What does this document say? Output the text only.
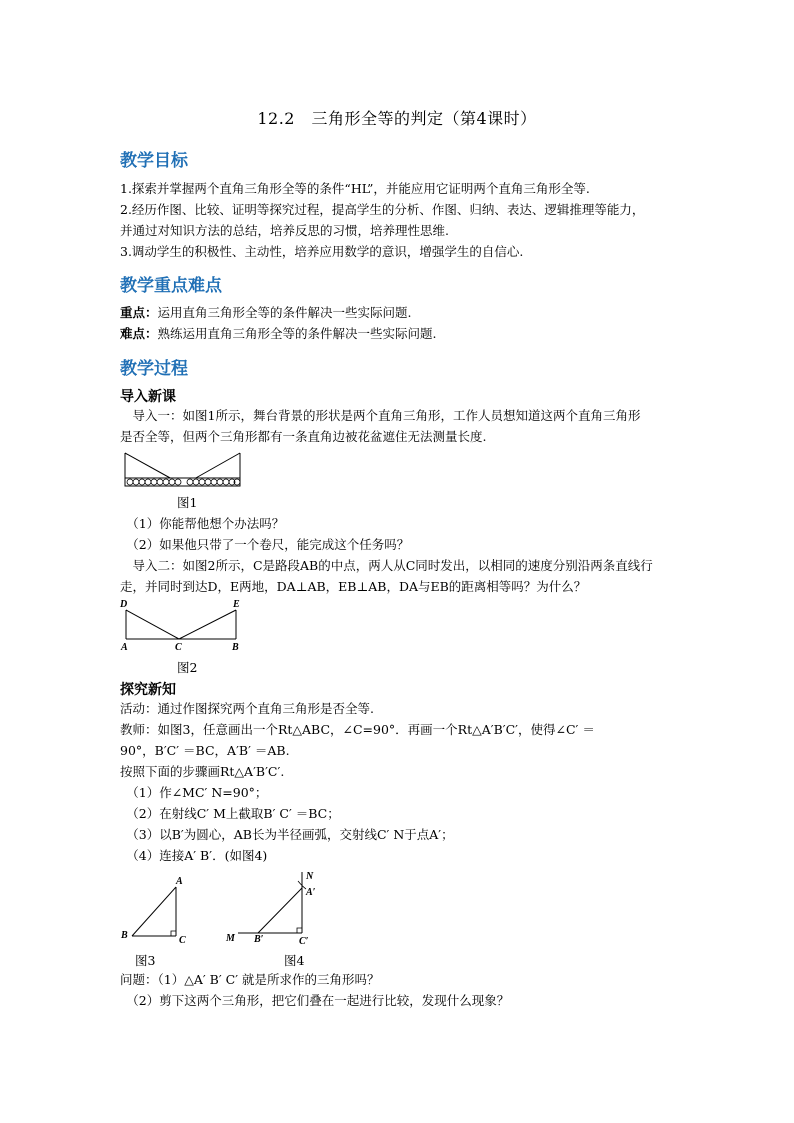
12.2　三角形全等的判定（第4课时）
教学目标
1.探索并掌握两个直角三角形全等的条件“HL”，并能应用它证明两个直角三角形全等.
2.经历作图、比较、证明等探究过程，提高学生的分析、作图、归纳、表达、逻辑推理等能力，
并通过对知识方法的总结，培养反思的习惯，培养理性思维.
3.调动学生的积极性、主动性，培养应用数学的意识，增强学生的自信心.
教学重点难点
重点：运用直角三角形全等的条件解决一些实际问题.
难点：熟练运用直角三角形全等的条件解决一些实际问题.
教学过程
导入新课
　导入一：如图1所示，舞台背景的形状是两个直角三角形，工作人员想知道这两个直角三角形
是否全等，但两个三角形都有一条直角边被花盆遮住无法测量长度.
图1
　（1）你能帮他想个办法吗？
　（2）如果他只带了一个卷尺，能完成这个任务吗？
　导入二：如图2所示，C是路段AB的中点，两人从C同时发出，以相同的速度分别沿两条直线行
走，并同时到达D，E两地，DA⊥AB，EB⊥AB，DA与EB的距离相等吗？为什么？
D	E
A	C	B
图2
探究新知
活动：通过作图探究两个直角三角形是否全等.
教师：如图3，任意画出一个Rt△ABC，∠C=90°．再画一个Rt△A′B′C′，使得∠C′ ＝
90°，B′C′ ＝BC，A′B′ ＝AB.
按照下面的步骤画Rt△A′B′C′.
　（1）作∠MC′ N=90°；
　（2）在射线C′ M上截取B′ C′ ＝BC；
　（3）以B′为圆心，AB长为半径画弧，交射线C′ N于点A′；
　（4）连接A′ B′．(如图4)
A
B	C
图3
N
A′
M B′	C′
图4
问题：（1）△A′ B′ C′ 就是所求作的三角形吗？
　（2）剪下这两个三角形，把它们叠在一起进行比较，发现什么现象？
